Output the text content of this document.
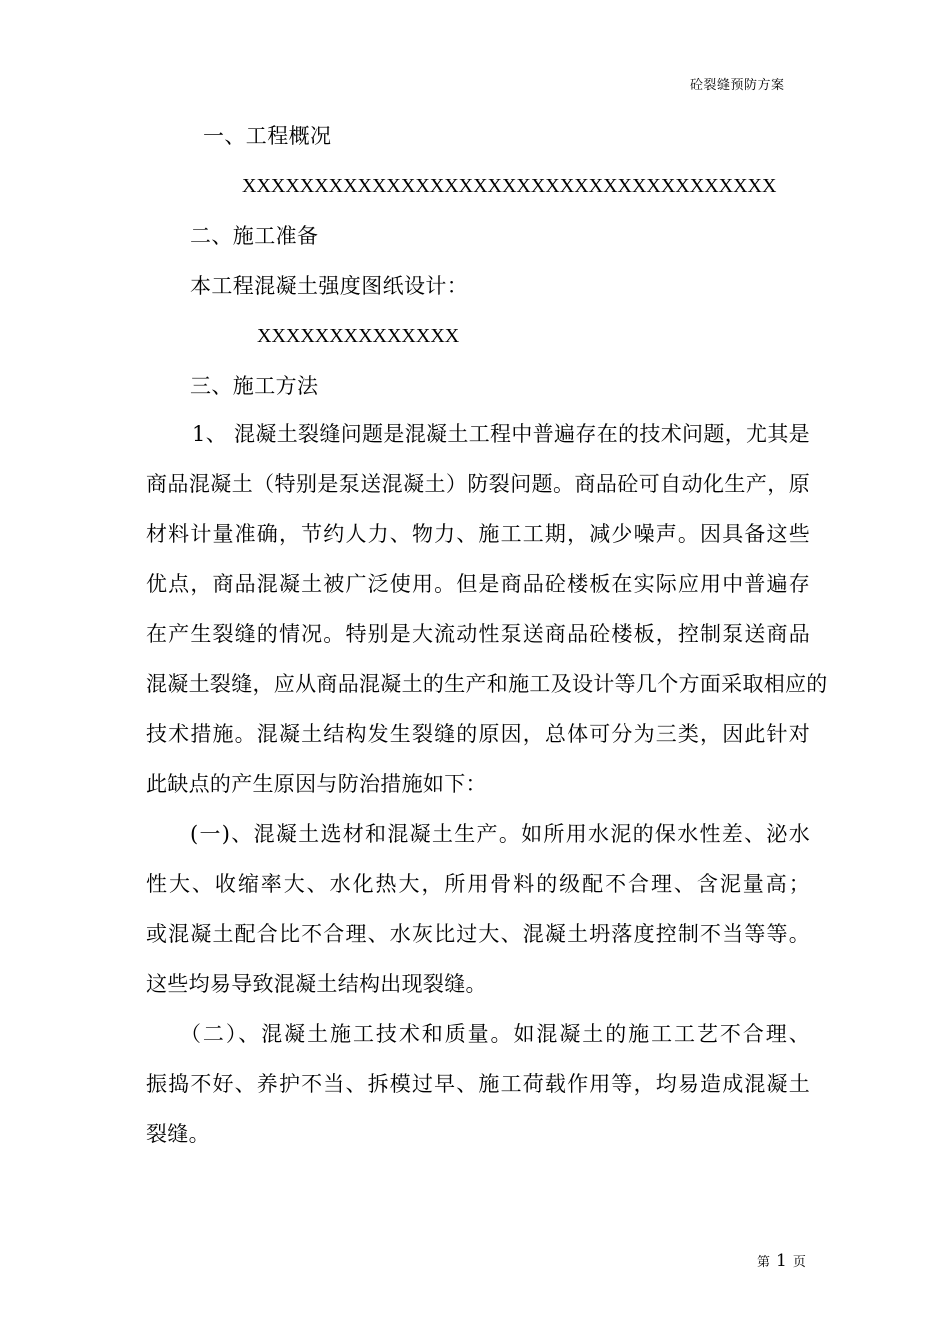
砼裂缝预防方案
一、工程概况
XXXXXXXXXXXXXXXXXXXXXXXXXXXXXXXXXXXXX
二、施工准备
本工程混凝土强度图纸设计：
XXXXXXXXXXXXXX
三、施工方法
1、 混凝土裂缝问题是混凝土工程中普遍存在的技术问题，尤其是
商品混凝土（特别是泵送混凝土）防裂问题。商品砼可自动化生产，原
材料计量准确，节约人力、物力、施工工期，减少噪声。因具备这些
优点，商品混凝土被广泛使用。但是商品砼楼板在实际应用中普遍存
在产生裂缝的情况。特别是大流动性泵送商品砼楼板，控制泵送商品
混凝土裂缝，应从商品混凝土的生产和施工及设计等几个方面采取相应的
技术措施。混凝土结构发生裂缝的原因，总体可分为三类，因此针对
此缺点的产生原因与防治措施如下：
(一)、混凝土选材和混凝土生产。如所用水泥的保水性差、泌水
性大、收缩率大、水化热大，所用骨料的级配不合理、含泥量高；
或混凝土配合比不合理、水灰比过大、混凝土坍落度控制不当等等。
这些均易导致混凝土结构出现裂缝。
（二）、混凝土施工技术和质量。如混凝土的施工工艺不合理、
振捣不好、养护不当、拆模过早、施工荷载作用等，均易造成混凝土
裂缝。
第 1 页
